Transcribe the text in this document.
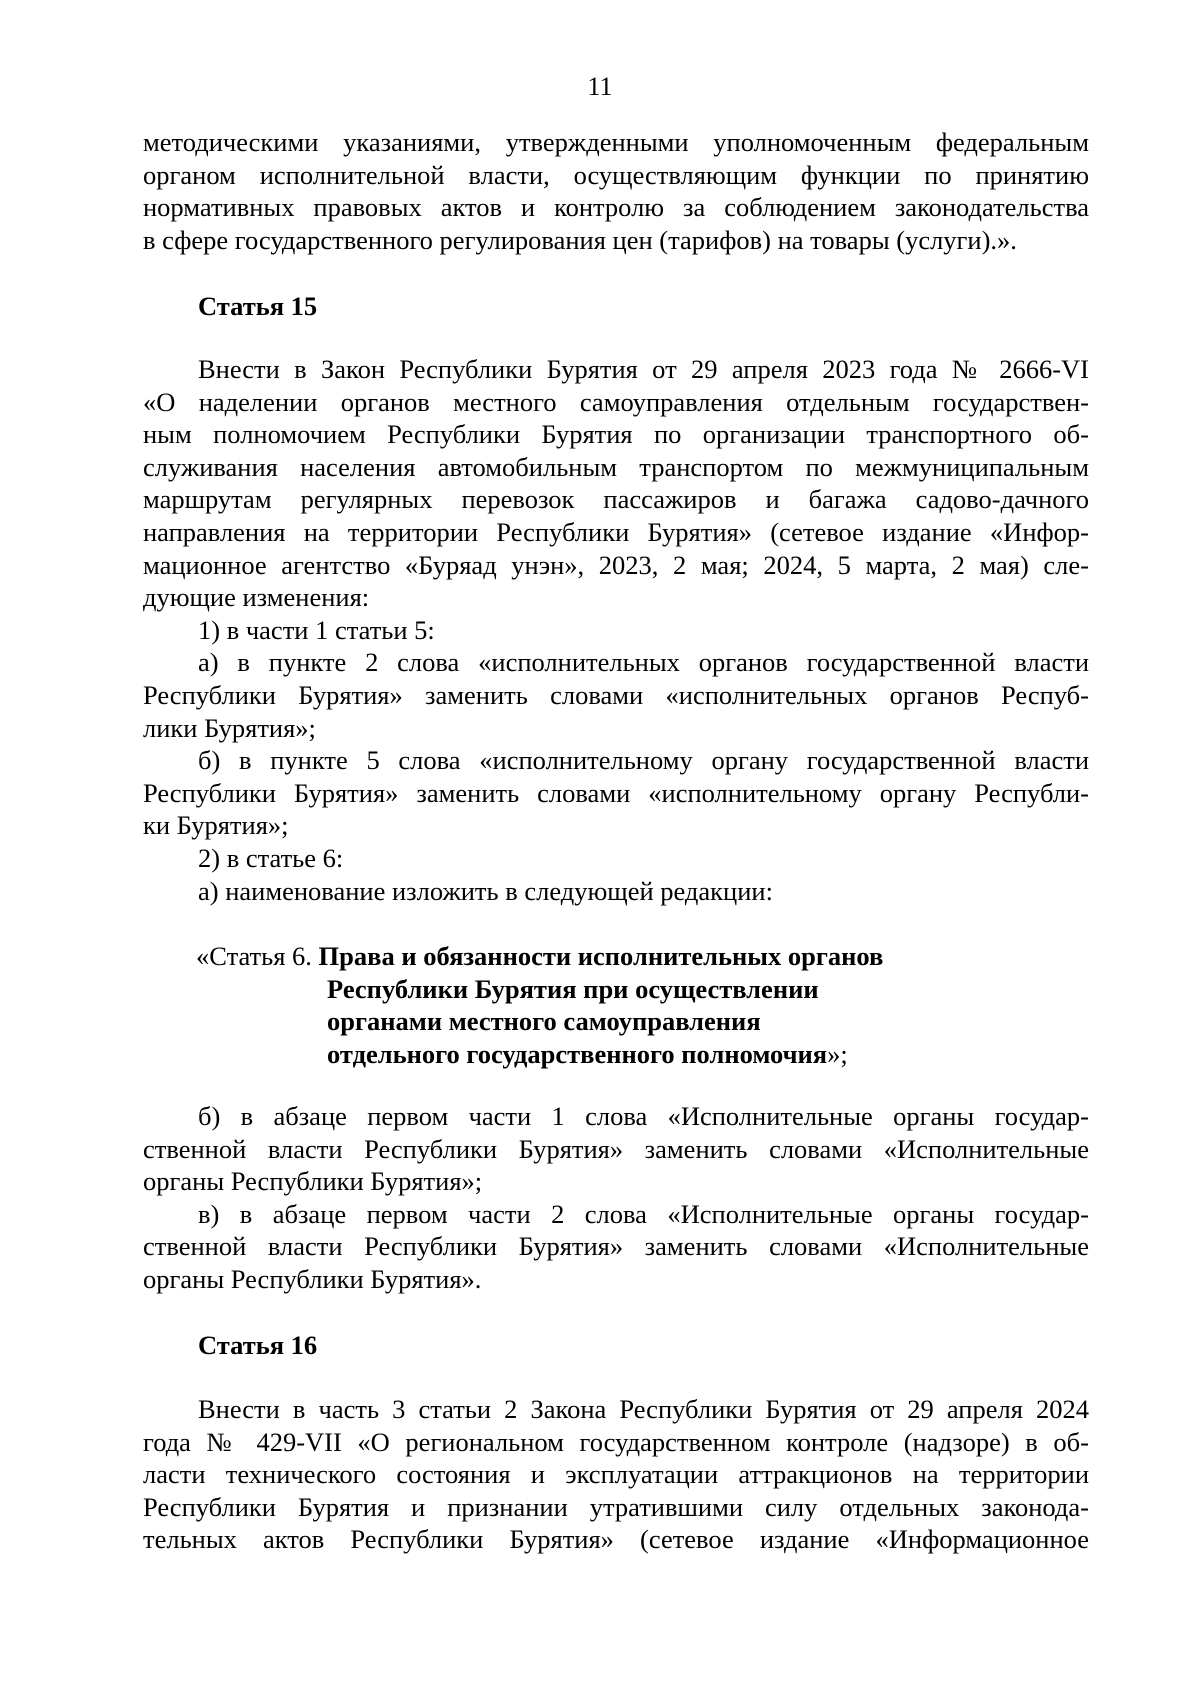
11
методическими указаниями, утвержденными уполномоченным федеральным
органом исполнительной власти, осуществляющим функции по принятию
нормативных правовых актов и контролю за соблюдением законодательства
в сфере государственного регулирования цен (тарифов) на товары (услуги).».
Статья 15
Внести в Закон Республики Бурятия от 29 апреля 2023 года № 2666-VI
«О наделении органов местного самоуправления отдельным государствен-
ным полномочием Республики Бурятия по организации транспортного об-
служивания населения автомобильным транспортом по межмуниципальным
маршрутам регулярных перевозок пассажиров и багажа садово-дачного
направления на территории Республики Бурятия» (сетевое издание «Инфор-
мационное агентство «Буряад унэн», 2023, 2 мая; 2024, 5 марта, 2 мая) сле-
дующие изменения:
1) в части 1 статьи 5:
а) в пункте 2 слова «исполнительных органов государственной власти
Республики Бурятия» заменить словами «исполнительных органов Респуб-
лики Бурятия»;
б) в пункте 5 слова «исполнительному органу государственной власти
Республики Бурятия» заменить словами «исполнительному органу Республи-
ки Бурятия»;
2) в статье 6:
а) наименование изложить в следующей редакции:
«Статья 6. Права и обязанности исполнительных органов
Республики Бурятия при осуществлении
органами местного самоуправления
отдельного государственного полномочия»;
б) в абзаце первом части 1 слова «Исполнительные органы государ-
ственной власти Республики Бурятия» заменить словами «Исполнительные
органы Республики Бурятия»;
в) в абзаце первом части 2 слова «Исполнительные органы государ-
ственной власти Республики Бурятия» заменить словами «Исполнительные
органы Республики Бурятия».
Статья 16
Внести в часть 3 статьи 2 Закона Республики Бурятия от 29 апреля 2024
года № 429-VII «О региональном государственном контроле (надзоре) в об-
ласти технического состояния и эксплуатации аттракционов на территории
Республики Бурятия и признании утратившими силу отдельных законода-
тельных актов Республики Бурятия» (сетевое издание «Информационное
